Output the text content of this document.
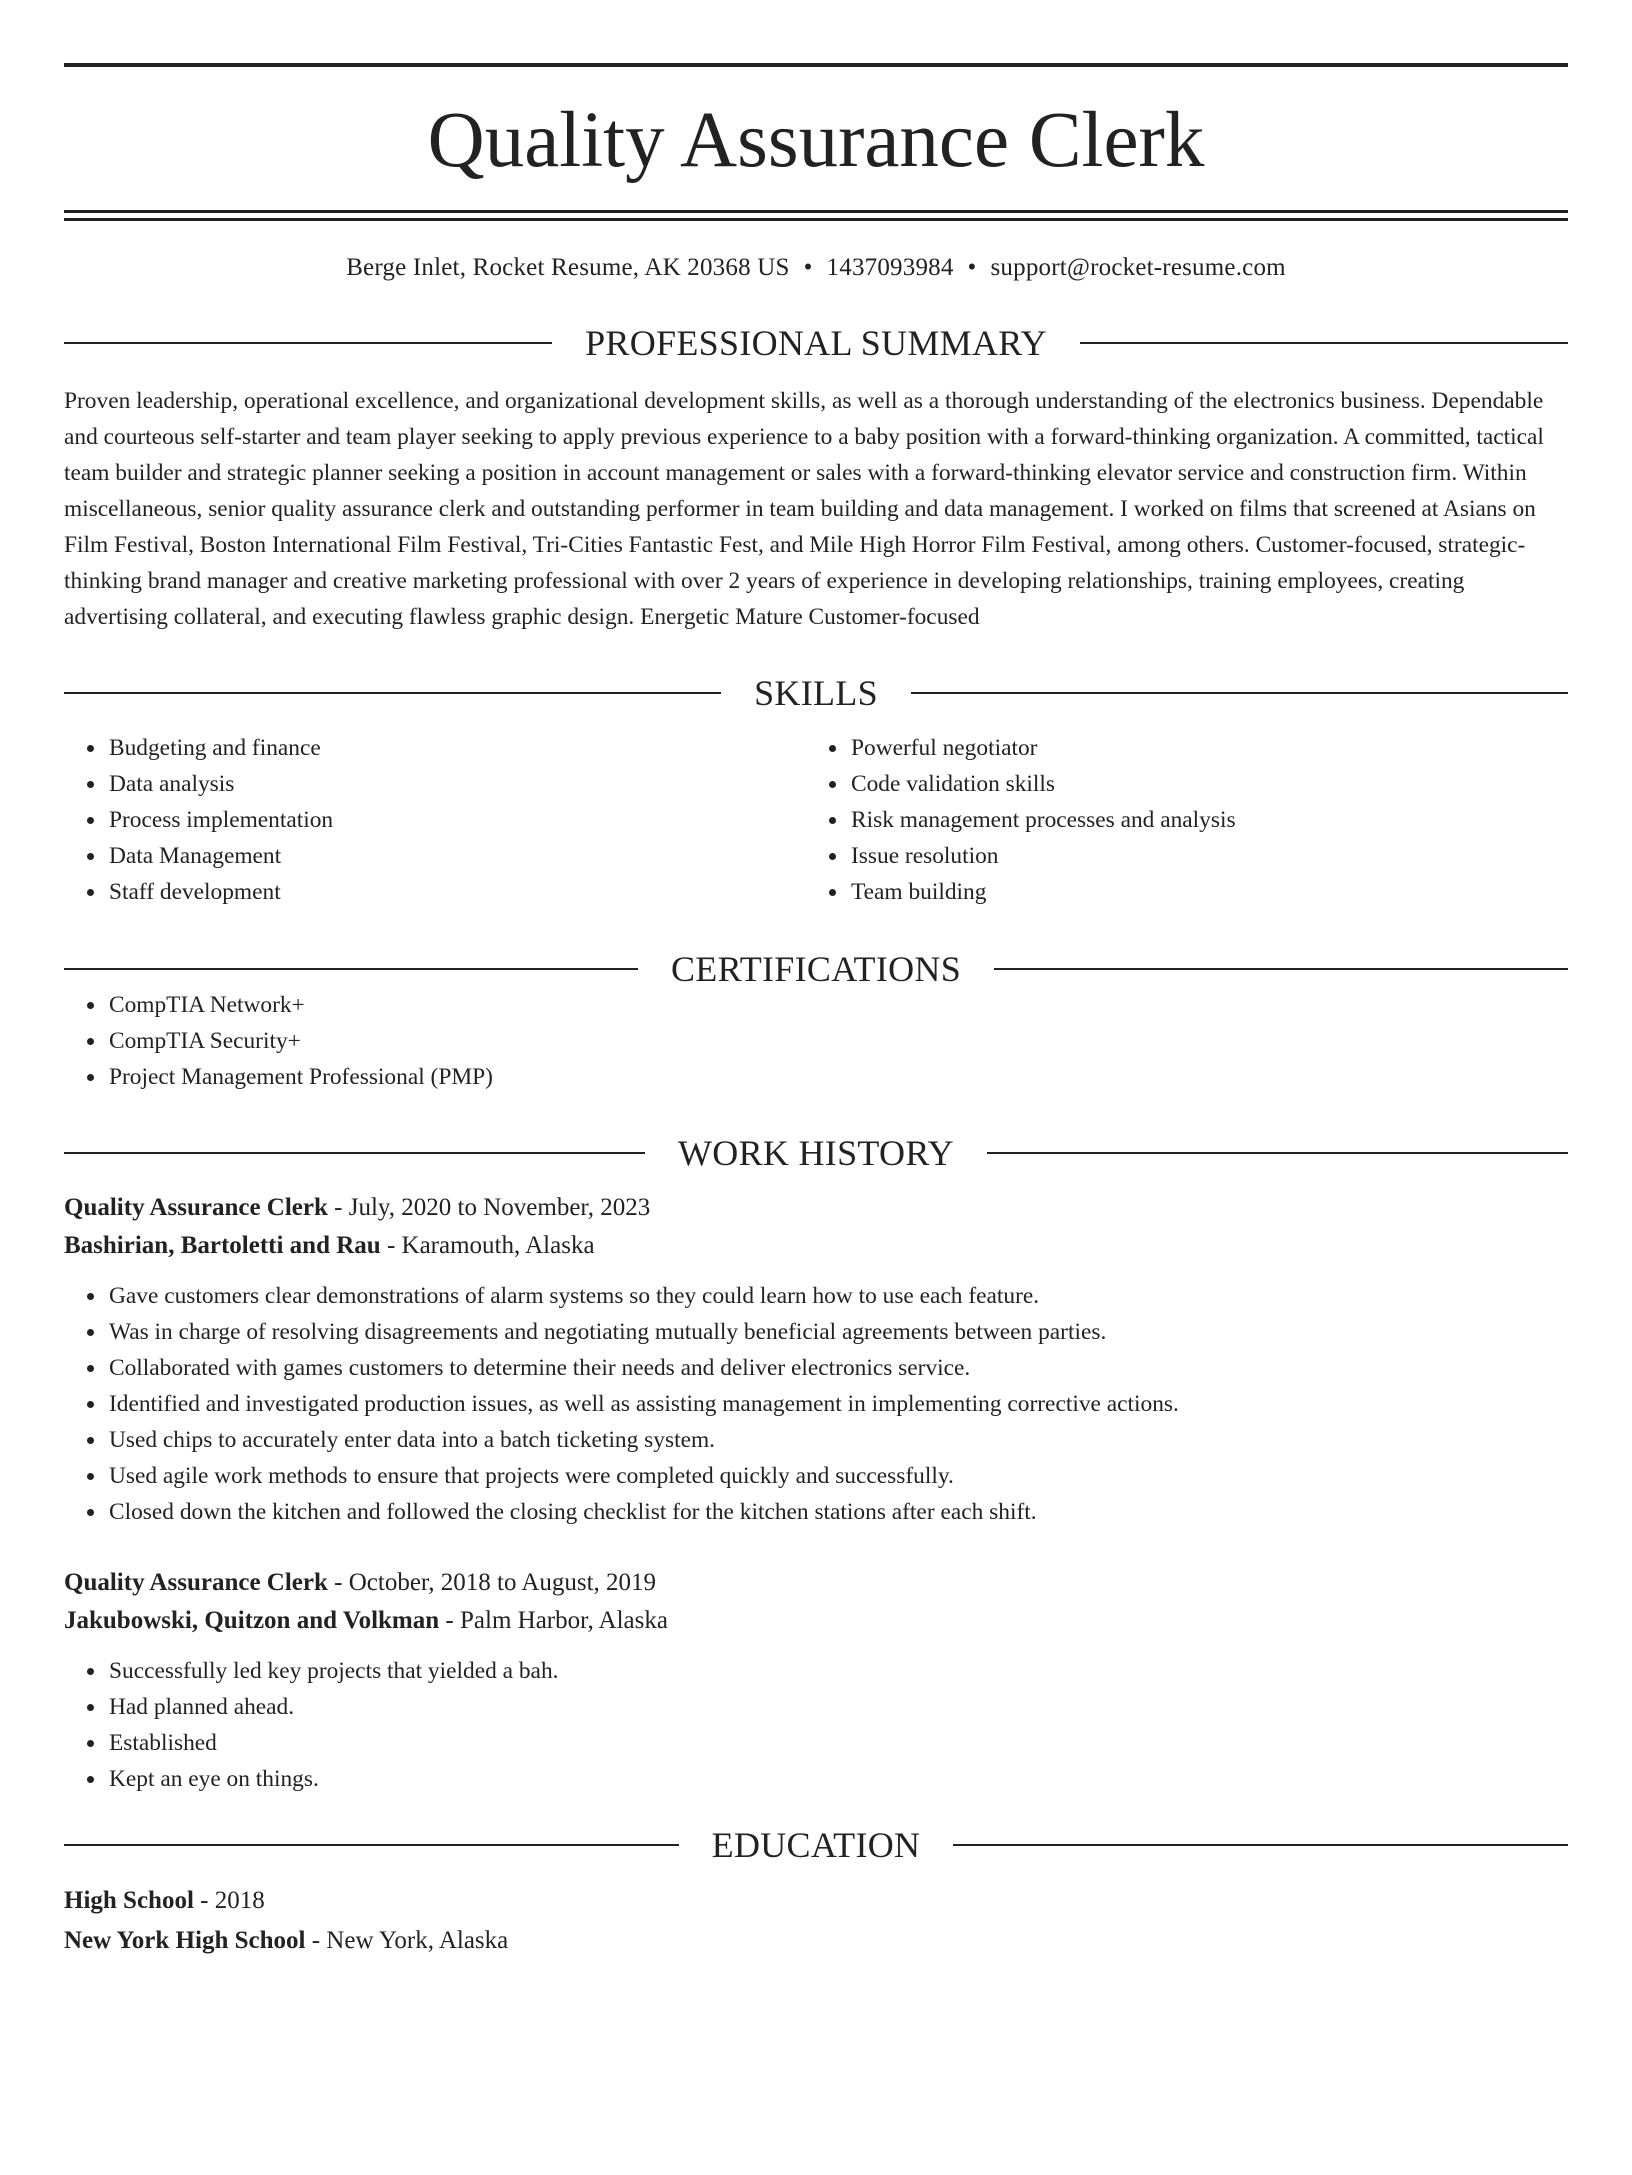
Quality Assurance Clerk
Berge Inlet, Rocket Resume, AK 20368 US • 1437093984 • support@rocket-resume.com
PROFESSIONAL SUMMARY
Proven leadership, operational excellence, and organizational development skills, as well as a thorough understanding of the electronics business. Dependable and courteous self-starter and team player seeking to apply previous experience to a baby position with a forward-thinking organization. A committed, tactical team builder and strategic planner seeking a position in account management or sales with a forward-thinking elevator service and construction firm. Within miscellaneous, senior quality assurance clerk and outstanding performer in team building and data management. I worked on films that screened at Asians on Film Festival, Boston International Film Festival, Tri-Cities Fantastic Fest, and Mile High Horror Film Festival, among others. Customer-focused, strategic-thinking brand manager and creative marketing professional with over 2 years of experience in developing relationships, training employees, creating advertising collateral, and executing flawless graphic design. Energetic Mature Customer-focused
SKILLS
• Budgeting and finance
• Data analysis
• Process implementation
• Data Management
• Staff development
• Powerful negotiator
• Code validation skills
• Risk management processes and analysis
• Issue resolution
• Team building
CERTIFICATIONS
• CompTIA Network+
• CompTIA Security+
• Project Management Professional (PMP)
WORK HISTORY
Quality Assurance Clerk - July, 2020 to November, 2023
Bashirian, Bartoletti and Rau - Karamouth, Alaska
• Gave customers clear demonstrations of alarm systems so they could learn how to use each feature.
• Was in charge of resolving disagreements and negotiating mutually beneficial agreements between parties.
• Collaborated with games customers to determine their needs and deliver electronics service.
• Identified and investigated production issues, as well as assisting management in implementing corrective actions.
• Used chips to accurately enter data into a batch ticketing system.
• Used agile work methods to ensure that projects were completed quickly and successfully.
• Closed down the kitchen and followed the closing checklist for the kitchen stations after each shift.
Quality Assurance Clerk - October, 2018 to August, 2019
Jakubowski, Quitzon and Volkman - Palm Harbor, Alaska
• Successfully led key projects that yielded a bah.
• Had planned ahead.
• Established
• Kept an eye on things.
EDUCATION
High School - 2018
New York High School - New York, Alaska
